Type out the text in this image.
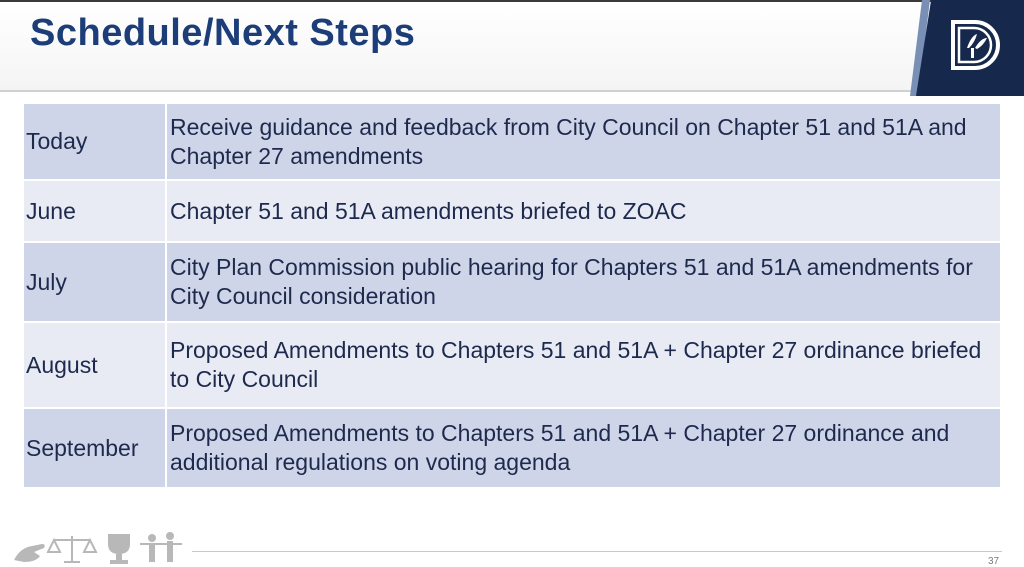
Schedule/Next Steps
Today	Receive guidance and feedback from City Council on Chapter 51 and 51A and Chapter 27 amendments
June	Chapter 51 and 51A amendments briefed to ZOAC
July	City Plan Commission public hearing for Chapters 51 and 51A amendments for City Council consideration
August	Proposed Amendments to Chapters 51 and 51A + Chapter 27 ordinance briefed to City Council
September	Proposed Amendments to Chapters 51 and 51A + Chapter 27 ordinance and additional regulations on voting agenda
37
